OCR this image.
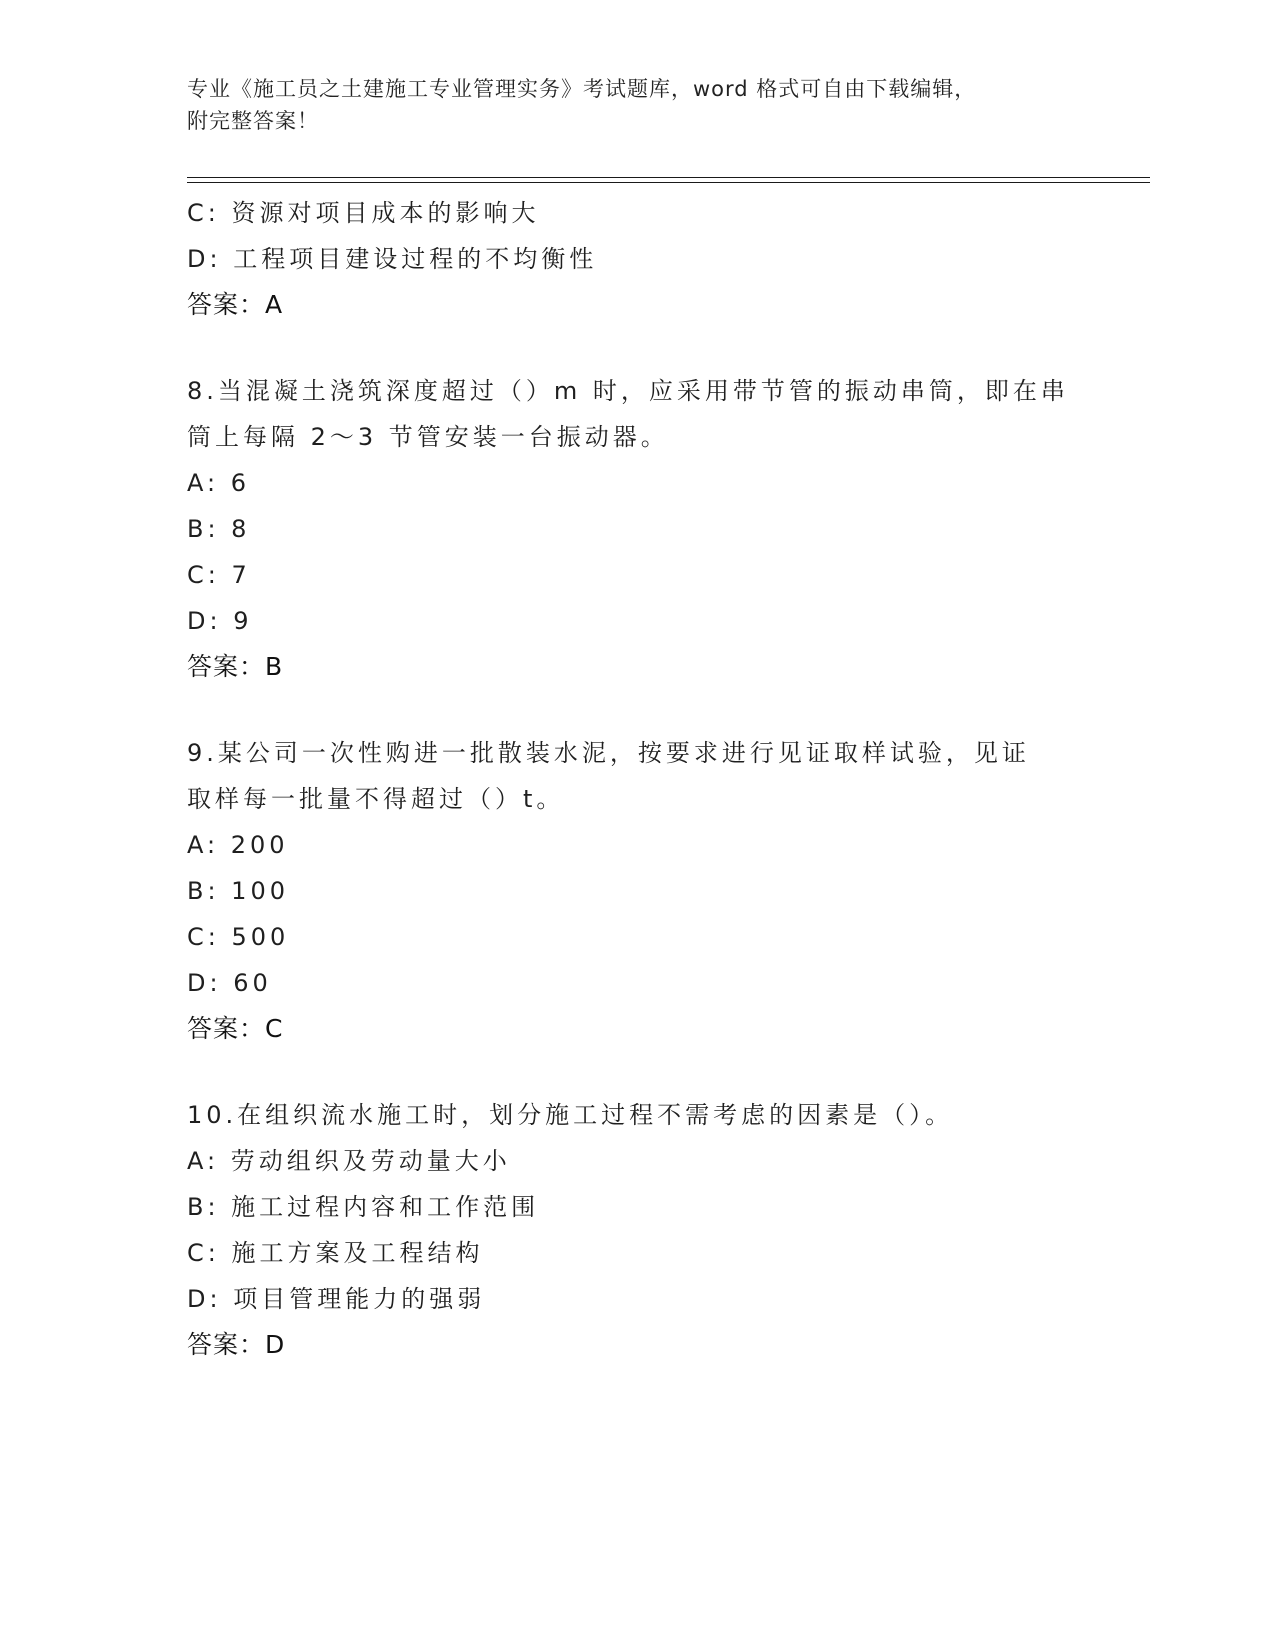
专业《施工员之土建施工专业管理实务》考试题库，word 格式可自由下载编辑，
附完整答案！
C: 资源对项目成本的影响大
D: 工程项目建设过程的不均衡性
答案：A
8.当混凝土浇筑深度超过（）m 时，应采用带节管的振动串筒，即在串
筒上每隔 2～3 节管安装一台振动器。
A: 6
B: 8
C: 7
D: 9
答案：B
9.某公司一次性购进一批散装水泥，按要求进行见证取样试验，见证
取样每一批量不得超过（）t。
A: 200
B: 100
C: 500
D: 60
答案：C
10.在组织流水施工时，划分施工过程不需考虑的因素是（）。
A: 劳动组织及劳动量大小
B: 施工过程内容和工作范围
C: 施工方案及工程结构
D: 项目管理能力的强弱
答案：D
